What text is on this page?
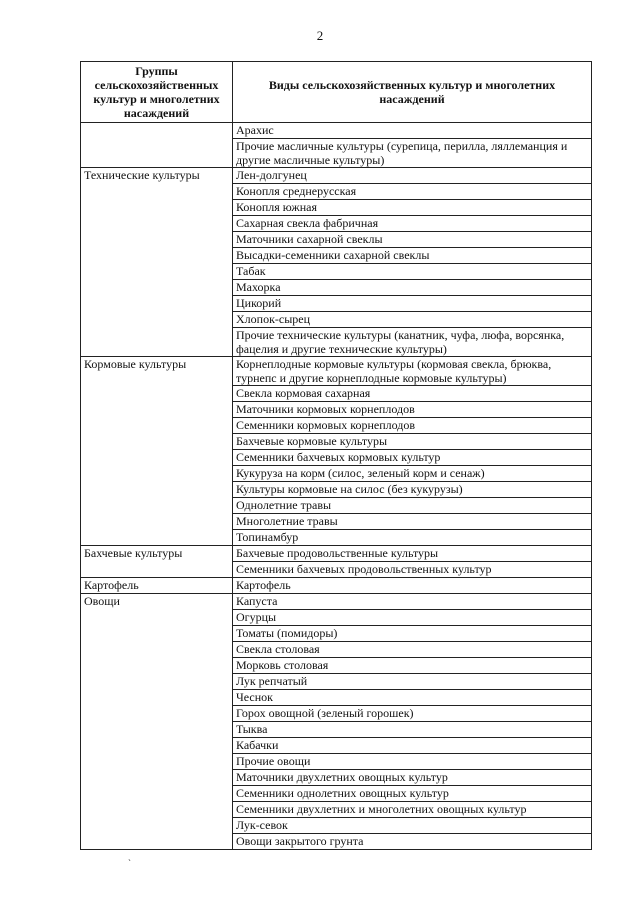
2
Группы сельскохозяйственных культур и многолетних насаждений	Виды сельскохозяйственных культур и многолетних насаждений
	Арахис
	Прочие масличные культуры (сурепица, перилла, ляллеманция и другие масличные культуры)
Технические культуры	Лен-долгунец
	Конопля среднерусская
	Конопля южная
	Сахарная свекла фабричная
	Маточники сахарной свеклы
	Высадки-семенники сахарной свеклы
	Табак
	Махорка
	Цикорий
	Хлопок-сырец
	Прочие технические культуры (канатник, чуфа, люфа, ворсянка, фацелия и другие технические культуры)
Кормовые культуры	Корнеплодные кормовые культуры (кормовая свекла, брюква, турнепс и другие корнеплодные кормовые культуры)
	Свекла кормовая сахарная
	Маточники кормовых корнеплодов
	Семенники кормовых корнеплодов
	Бахчевые кормовые культуры
	Семенники бахчевых кормовых культур
	Кукуруза на корм (силос, зеленый корм и сенаж)
	Культуры кормовые на силос (без кукурузы)
	Однолетние травы
	Многолетние травы
	Топинамбур
Бахчевые культуры	Бахчевые продовольственные культуры
	Семенники бахчевых продовольственных культур
Картофель	Картофель
Овощи	Капуста
	Огурцы
	Томаты (помидоры)
	Свекла столовая
	Морковь столовая
	Лук репчатый
	Чеснок
	Горох овощной (зеленый горошек)
	Тыква
	Кабачки
	Прочие овощи
	Маточники двухлетних овощных культур
	Семенники однолетних овощных культур
	Семенники двухлетних и многолетних овощных культур
	Лук-севок
	Овощи закрытого грунта
`
